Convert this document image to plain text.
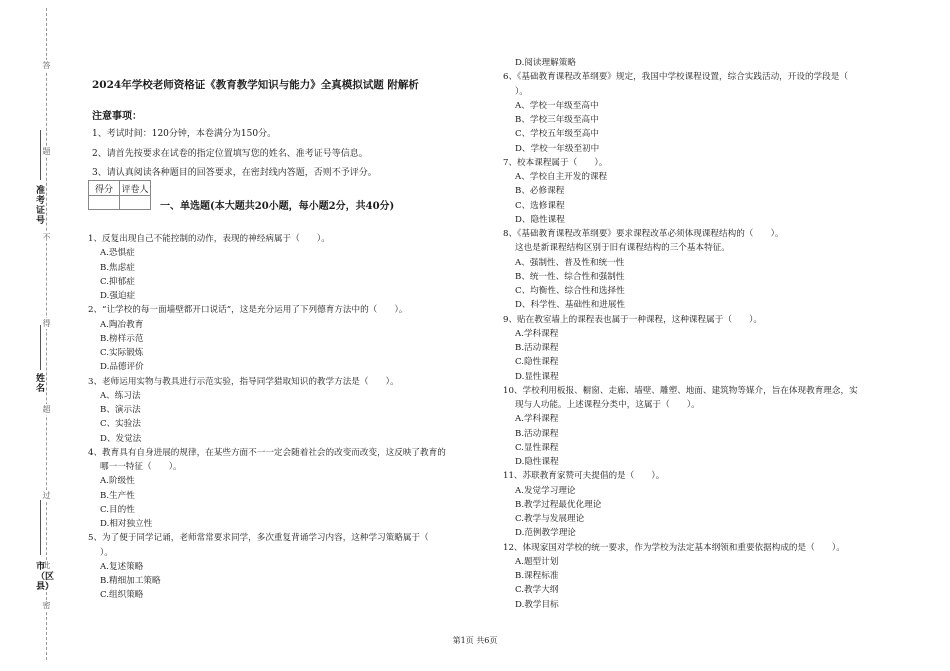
答
题
不
得
超
过
此
密
准考证号
姓名
市（区县）
2024年学校老师资格证《教育教学知识与能力》全真模拟试题 附解析
注意事项：
1、考试时间：120分钟，本卷满分为150分。
2、请首先按要求在试卷的指定位置填写您的姓名、准考证号等信息。
3、请认真阅读各种题目的回答要求，在密封线内答题，否则不予评分。
得分	评卷人

一、单选题(本大题共20小题，每小题2分，共40分)
1、反复出现自己不能控制的动作，表现的神经病属于（　　）。
A.恐惧症
B.焦虑症
C.抑郁症
D.强迫症
2、“让学校的每一面墙壁都开口说话”，这是充分运用了下列德育方法中的（　　）。
A.陶冶教育
B.榜样示范
C.实际锻炼
D.品德评价
3、老师运用实物与教具进行示范实验，指导同学猎取知识的教学方法是（　　）。
A、练习法
B、演示法
C、实验法
D、发觉法
4、教育具有自身进展的规律，在某些方面不一一定会随着社会的改变而改变，这反映了教育的
哪一一特征（　　）。
A.阶级性
B.生产性
C.目的性
D.相对独立性
5、为了便于同学记诵，老师常常要求同学，多次重复背诵学习内容，这种学习策略属于（
）。
A.复述策略
B.精细加工策略
C.组织策略
D.阅读理解策略
6、《基础教育课程改革纲要》规定，我国中学校课程设置，综合实践活动，开设的学段是（
）。
A、学校一年级至高中
B、学校三年级至高中
C、学校五年级至高中
D、学校一年级至初中
7、校本课程属于（　　）。
A、学校自主开发的课程
B、必修课程
C、选修课程
D、隐性课程
8、《基础教育课程改革纲要》要求课程改革必须体现课程结构的（　　）。
这也是新课程结构区别于旧有课程结构的三个基本特征。
A、强制性、普及性和统一性
B、统一性、综合性和强制性
C、均衡性、综合性和选择性
D、科学性、基础性和进展性
9、贴在教室墙上的课程表也属于一种课程，这种课程属于（　　）。
A.学科课程
B.活动课程
C.隐性课程
D.显性课程
10、学校利用板报、橱窗、走廊、墙壁、雕塑、地面、建筑物等媒介，旨在体现教育理念，实
现与人功能。上述课程分类中，这属于（　　）。
A.学科课程
B.活动课程
C.显性课程
D.隐性课程
11、苏联教育家赞可夫提倡的是（　　）。
A.发觉学习理论
B.教学过程最优化理论
C.教学与发展理论
D.范例教学理论
12、体现家国对学校的统一要求，作为学校为法定基本纲领和重要依据构成的是（　　）。
A.题型计划
B.课程标准
C.教学大纲
D.教学目标
第1页 共6页
